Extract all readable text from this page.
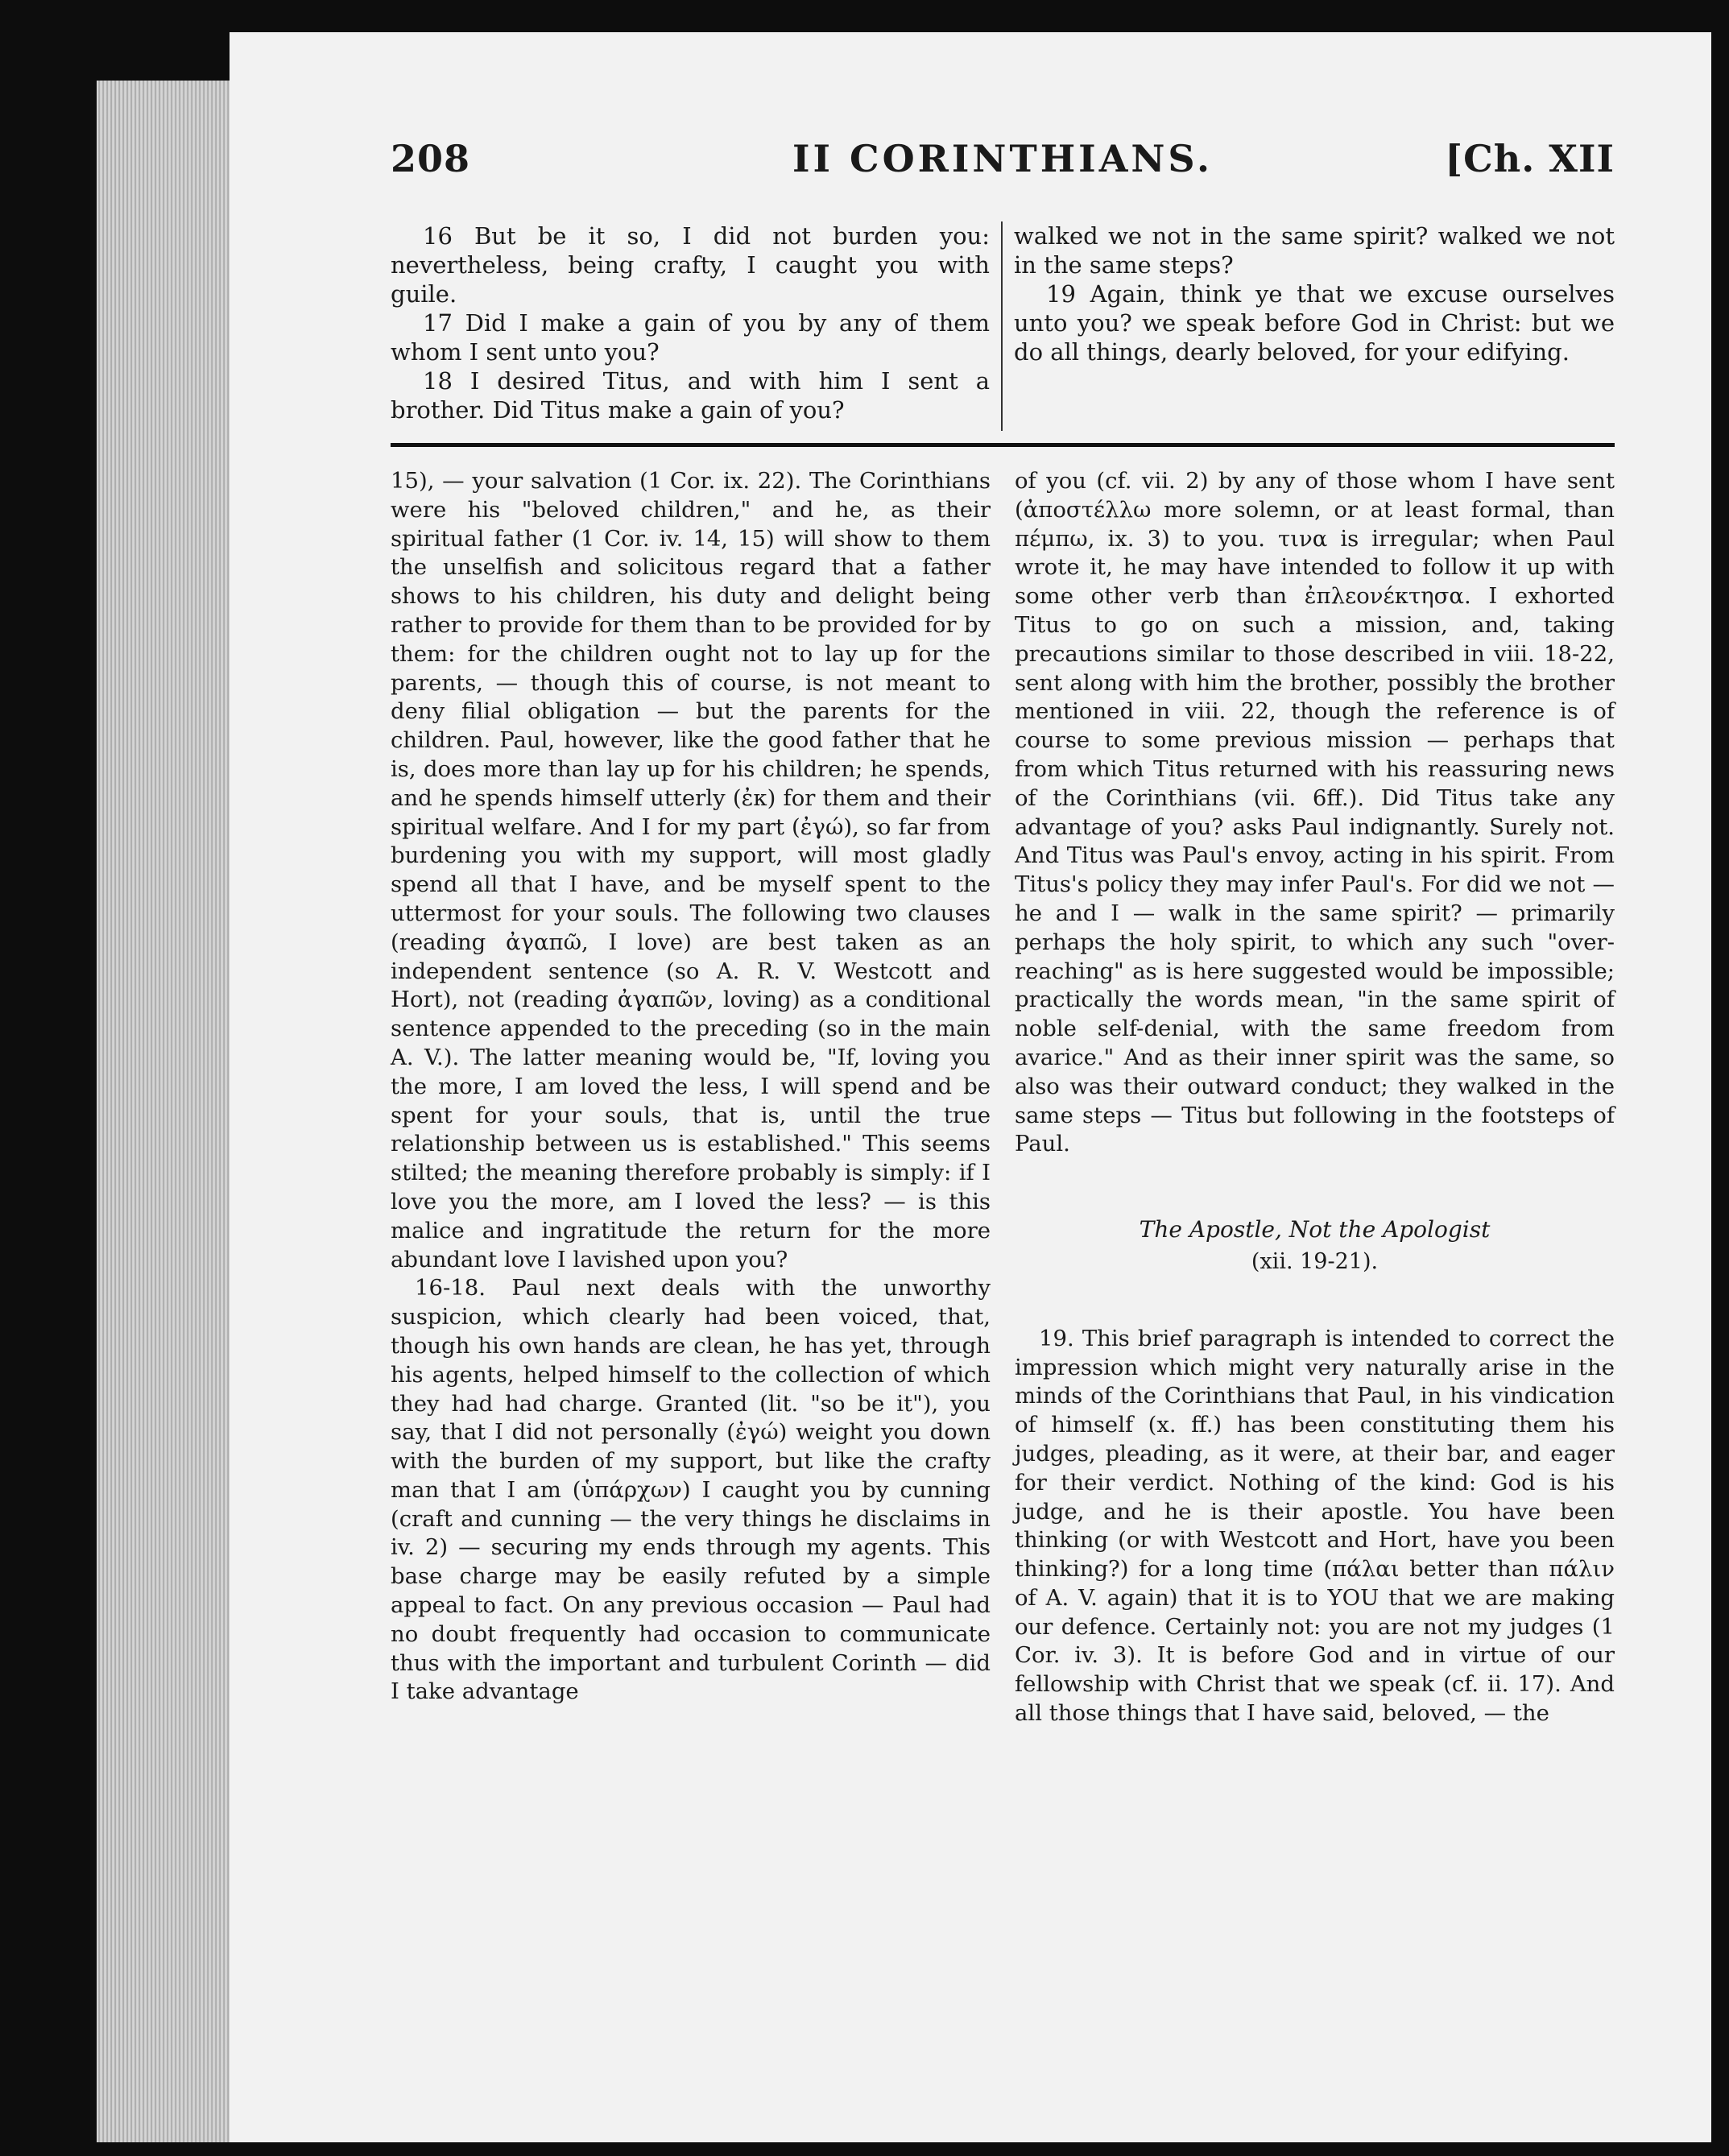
208	II CORINTHIANS.	[Ch. XII

16 But be it so, I did not burden you: nevertheless, being crafty, I caught you with guile.

17 Did I make a gain of you by any of them whom I sent unto you?

18 I desired Titus, and with him I sent a brother. Did Titus make a gain of you?

walked we not in the same spirit? walked we not in the same steps?

19 Again, think ye that we excuse ourselves unto you? we speak before God in Christ: but we do all things, dearly beloved, for your edifying.

15), — your salvation (1 Cor. ix. 22). The Corinthians were his "beloved children," and he, as their spiritual father (1 Cor. iv. 14, 15) will show to them the unselfish and solicitous regard that a father shows to his children, his duty and delight being rather to provide for them than to be provided for by them: for the children ought not to lay up for the parents, — though this of course, is not meant to deny filial obligation — but the parents for the children. Paul, however, like the good father that he is, does more than lay up for his children; he spends, and he spends himself utterly (ἐκ) for them and their spiritual welfare. And I for my part (ἐγώ), so far from burdening you with my support, will most gladly spend all that I have, and be myself spent to the uttermost for your souls. The following two clauses (reading ἀγαπῶ, I love) are best taken as an independent sentence (so A. R. V. Westcott and Hort), not (reading ἀγαπῶν, loving) as a conditional sentence appended to the preceding (so in the main A. V.). The latter meaning would be, "If, loving you the more, I am loved the less, I will spend and be spent for your souls, that is, until the true relationship between us is established." This seems stilted; the meaning therefore probably is simply: if I love you the more, am I loved the less? — is this malice and ingratitude the return for the more abundant love I lavished upon you?

16-18. Paul next deals with the unworthy suspicion, which clearly had been voiced, that, though his own hands are clean, he has yet, through his agents, helped himself to the collection of which they had had charge. Granted (lit. "so be it"), you say, that I did not personally (ἐγώ) weight you down with the burden of my support, but like the crafty man that I am (ὑπάρχων) I caught you by cunning (craft and cunning — the very things he disclaims in iv. 2) — securing my ends through my agents. This base charge may be easily refuted by a simple appeal to fact. On any previous occasion — Paul had no doubt frequently had occasion to communicate thus with the important and turbulent Corinth — did I take advantage

of you (cf. vii. 2) by any of those whom I have sent (ἀποστέλλω more solemn, or at least formal, than πέμπω, ix. 3) to you. τινα is irregular; when Paul wrote it, he may have intended to follow it up with some other verb than ἐπλεονέκτησα. I exhorted Titus to go on such a mission, and, taking precautions similar to those described in viii. 18-22, sent along with him the brother, possibly the brother mentioned in viii. 22, though the reference is of course to some previous mission — perhaps that from which Titus returned with his reassuring news of the Corinthians (vii. 6ff.). Did Titus take any advantage of you? asks Paul indignantly. Surely not. And Titus was Paul's envoy, acting in his spirit. From Titus's policy they may infer Paul's. For did we not — he and I — walk in the same spirit? — primarily perhaps the holy spirit, to which any such "over-reaching" as is here suggested would be impossible; practically the words mean, "in the same spirit of noble self-denial, with the same freedom from avarice." And as their inner spirit was the same, so also was their outward conduct; they walked in the same steps — Titus but following in the footsteps of Paul.

The Apostle, Not the Apologist
(xii. 19-21).

19. This brief paragraph is intended to correct the impression which might very naturally arise in the minds of the Corinthians that Paul, in his vindication of himself (x. ff.) has been constituting them his judges, pleading, as it were, at their bar, and eager for their verdict. Nothing of the kind: God is his judge, and he is their apostle. You have been thinking (or with Westcott and Hort, have you been thinking?) for a long time (πάλαι better than πάλιν of A. V. again) that it is to YOU that we are making our defence. Certainly not: you are not my judges (1 Cor. iv. 3). It is before God and in virtue of our fellowship with Christ that we speak (cf. ii. 17). And all those things that I have said, beloved, — the
